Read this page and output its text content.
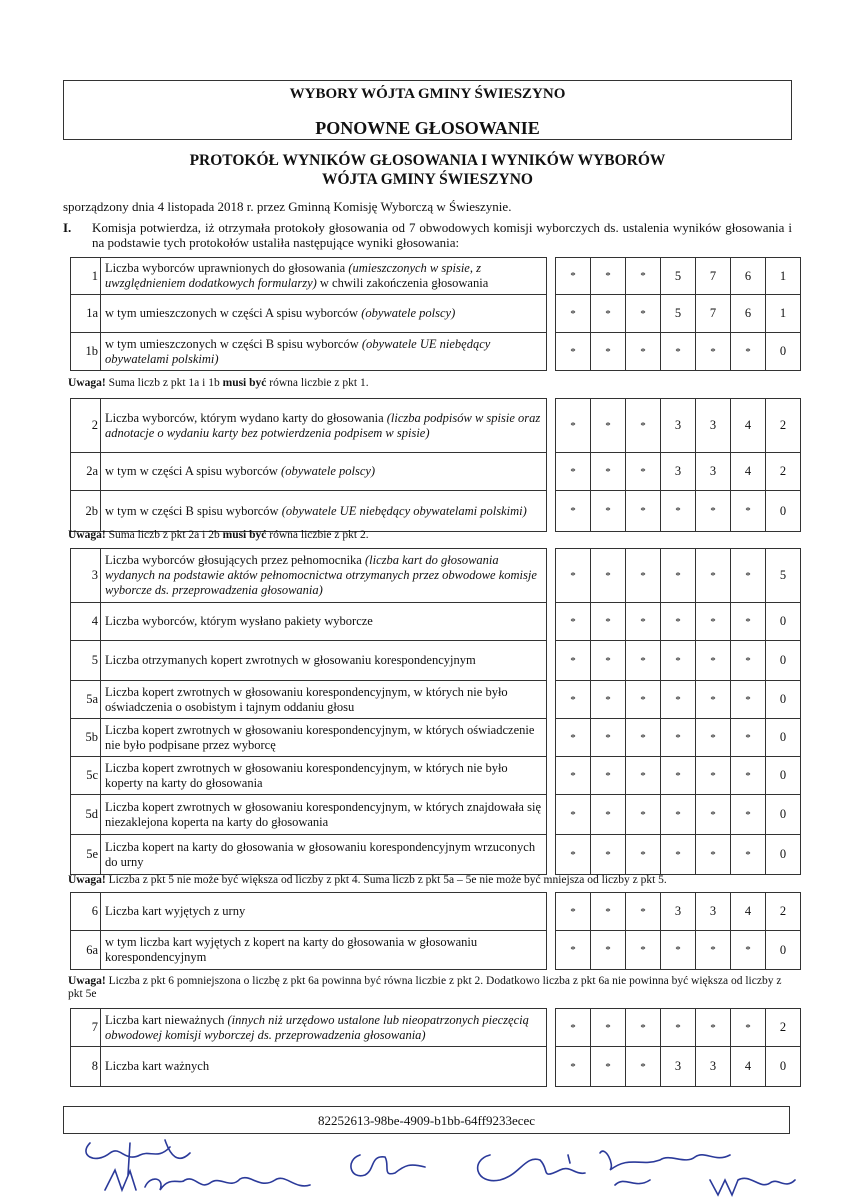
WYBORY WÓJTA GMINY ŚWIESZYNO
PONOWNE GŁOSOWANIE
PROTOKÓŁ WYNIKÓW GŁOSOWANIA I WYNIKÓW WYBORÓW
WÓJTA GMINY ŚWIESZYNO
sporządzony dnia 4 listopada 2018 r. przez Gminną Komisję Wyborczą w Świeszynie.
I. Komisja potwierdza, iż otrzymała protokoły głosowania od 7 obwodowych komisji wyborczych ds. ustalenia wyników głosowania i na podstawie tych protokołów ustaliła następujące wyniki głosowania:
1	Liczba wyborców uprawnionych do głosowania (umieszczonych w spisie, z uwzględnieniem dodatkowych formularzy) w chwili zakończenia głosowania		*	*	*	5	7	6	1
1a	w tym umieszczonych w części A spisu wyborców (obywatele polscy)		*	*	*	5	7	6	1
1b	w tym umieszczonych w części B spisu wyborców (obywatele UE niebędący obywatelami polskimi)		*	*	*	*	*	*	0
Uwaga! Suma liczb z pkt 1a i 1b musi być równa liczbie z pkt 1.
2	Liczba wyborców, którym wydano karty do głosowania (liczba podpisów w spisie oraz adnotacje o wydaniu karty bez potwierdzenia podpisem w spisie)		*	*	*	3	3	4	2
2a	w tym w części A spisu wyborców (obywatele polscy)		*	*	*	3	3	4	2
2b	w tym w części B spisu wyborców (obywatele UE niebędący obywatelami polskimi)		*	*	*	*	*	*	0
Uwaga! Suma liczb z pkt 2a i 2b musi być równa liczbie z pkt 2.
3	Liczba wyborców głosujących przez pełnomocnika (liczba kart do głosowania wydanych na podstawie aktów pełnomocnictwa otrzymanych przez obwodowe komisje wyborcze ds. przeprowadzenia głosowania)		*	*	*	*	*	*	5
4	Liczba wyborców, którym wysłano pakiety wyborcze		*	*	*	*	*	*	0
5	Liczba otrzymanych kopert zwrotnych w głosowaniu korespondencyjnym		*	*	*	*	*	*	0
5a	Liczba kopert zwrotnych w głosowaniu korespondencyjnym, w których nie było oświadczenia o osobistym i tajnym oddaniu głosu		*	*	*	*	*	*	0
5b	Liczba kopert zwrotnych w głosowaniu korespondencyjnym, w których oświadczenie nie było podpisane przez wyborcę		*	*	*	*	*	*	0
5c	Liczba kopert zwrotnych w głosowaniu korespondencyjnym, w których nie było koperty na karty do głosowania		*	*	*	*	*	*	0
5d	Liczba kopert zwrotnych w głosowaniu korespondencyjnym, w których znajdowała się niezaklejona koperta na karty do głosowania		*	*	*	*	*	*	0
5e	Liczba kopert na karty do głosowania w głosowaniu korespondencyjnym wrzuconych do urny		*	*	*	*	*	*	0
Uwaga! Liczba z pkt 5 nie może być większa od liczby z pkt 4. Suma liczb z pkt 5a – 5e nie może być mniejsza od liczby z pkt 5.
6	Liczba kart wyjętych z urny		*	*	*	3	3	4	2
6a	w tym liczba kart wyjętych z kopert na karty do głosowania w głosowaniu korespondencyjnym		*	*	*	*	*	*	0
Uwaga! Liczba z pkt 6 pomniejszona o liczbę z pkt 6a powinna być równa liczbie z pkt 2. Dodatkowo liczba z pkt 6a nie powinna być większa od liczby z pkt 5e
7	Liczba kart nieważnych (innych niż urzędowo ustalone lub nieopatrzonych pieczęcią obwodowej komisji wyborczej ds. przeprowadzenia głosowania)		*	*	*	*	*	*	2
8	Liczba kart ważnych		*	*	*	3	3	4	0
82252613-98be-4909-b1bb-64ff9233ecec
